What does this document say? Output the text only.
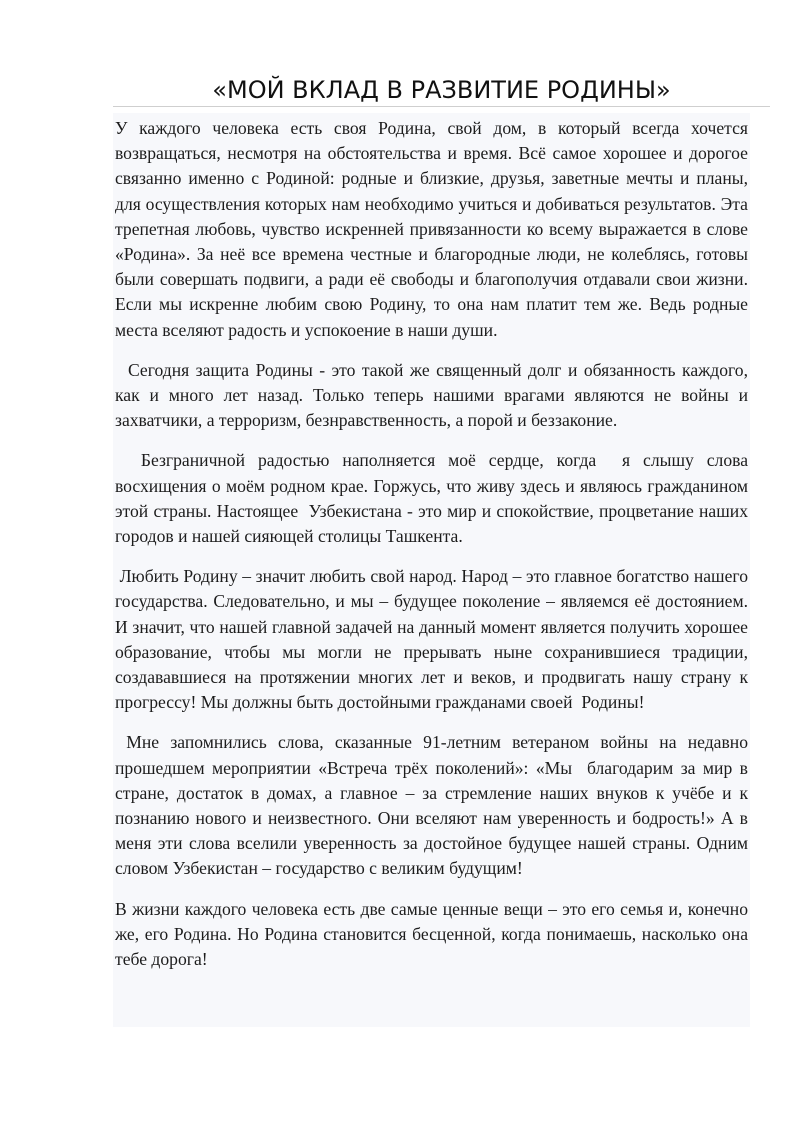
«МОЙ ВКЛАД В РАЗВИТИЕ РОДИНЫ»

У каждого человека есть своя Родина, свой дом, в который всегда хочется возвращаться, несмотря на обстоятельства и время. Всё самое хорошее и дорогое связанно именно с Родиной: родные и близкие, друзья, заветные мечты и планы, для осуществления которых нам необходимо учиться и добиваться результатов. Эта трепетная любовь, чувство искренней привязанности ко всему выражается в слове «Родина». За неё все времена честные и благородные люди, не колеблясь, готовы были совершать подвиги, а ради её свободы и благополучия отдавали свои жизни. Если мы искренне любим свою Родину, то она нам платит тем же. Ведь родные места вселяют радость и успокоение в наши души.

Сегодня защита Родины - это такой же священный долг и обязанность каждого, как и много лет назад. Только теперь нашими врагами являются не войны и захватчики, а терроризм, безнравственность, а порой и беззаконие.

Безграничной радостью наполняется моё сердце, когда  я слышу слова восхищения о моём родном крае. Горжусь, что живу здесь и являюсь гражданином этой страны. Настоящее  Узбекистана - это мир и спокойствие, процветание наших городов и нашей сияющей столицы Ташкента.

Любить Родину – значит любить свой народ. Народ – это главное богатство нашего государства. Следовательно, и мы – будущее поколение – являемся её достоянием. И значит, что нашей главной задачей на данный момент является получить хорошее образование, чтобы мы могли не прерывать ныне сохранившиеся традиции, создававшиеся на протяжении многих лет и веков, и продвигать нашу страну к прогрессу! Мы должны быть достойными гражданами своей  Родины!

Мне запомнились слова, сказанные 91-летним ветераном войны на недавно прошедшем мероприятии «Встреча трёх поколений»: «Мы  благодарим за мир в стране, достаток в домах, а главное – за стремление наших внуков к учёбе и к познанию нового и неизвестного. Они вселяют нам уверенность и бодрость!» А в меня эти слова вселили уверенность за достойное будущее нашей страны. Одним словом Узбекистан – государство с великим будущим!

В жизни каждого человека есть две самые ценные вещи – это его семья и, конечно же, его Родина. Но Родина становится бесценной, когда понимаешь, насколько она тебе дорога!
